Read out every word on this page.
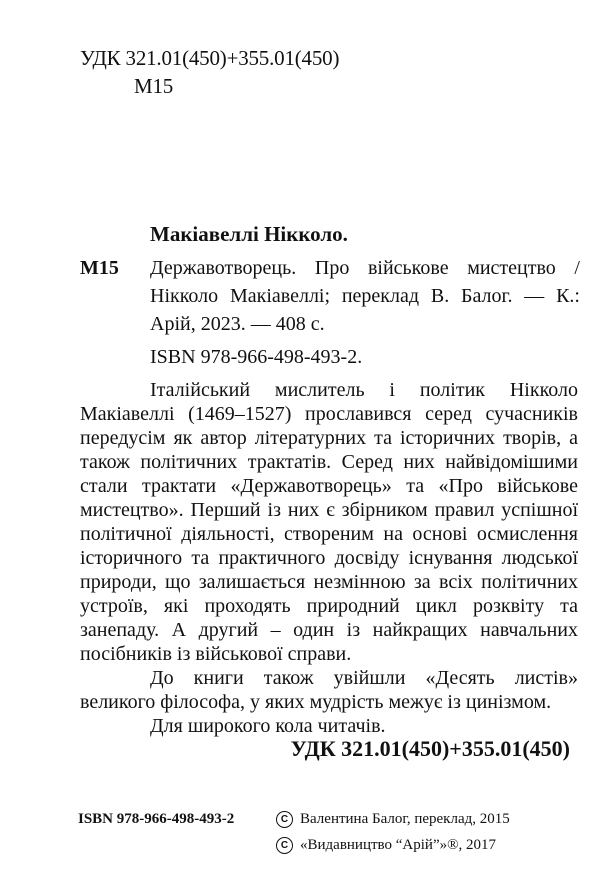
УДК 321.01(450)+355.01(450)
M15
Макіавеллі Нікколо.
M15 Державотворець. Про військове мистецтво / Нікколо Макіавеллі; переклад В. Балог. — К.: Арій, 2023. — 408 с.
ISBN 978-966-498-493-2.

Італійський мислитель і політик Нікколо Макіавеллі (1469–1527) прославився серед сучасників передусім як автор літературних та історичних творів, а також політичних трактатів. Серед них найвідомішими стали трактати «Державотворець» та «Про військове мистецтво». Перший із них є збірником правил успішної політичної діяльності, створеним на основі осмислення історичного та практичного досвіду існування людської природи, що залишається незмінною за всіх політичних устроїв, які проходять природний цикл розквіту та занепаду. А другий – один із найкращих навчальних посібників із військової справи.

До книги також увійшли «Десять листів» великого філософа, у яких мудрість межує із цинізмом.

Для широкого кола читачів.

УДК 321.01(450)+355.01(450)
ISBN 978-966-498-493-2	C Валентина Балог, переклад, 2015
C «Видавництво “Арій”»®, 2017
